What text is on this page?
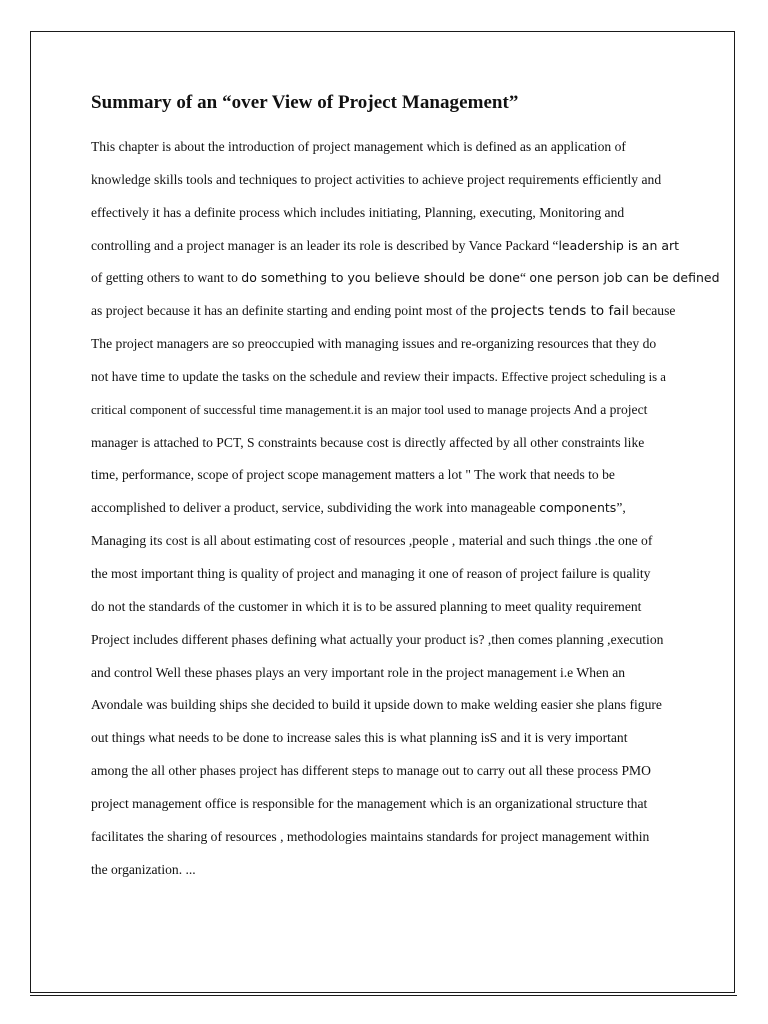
Summary of an “over View of Project Management”
This chapter is about the introduction of project management which is defined as an application of
knowledge skills tools and techniques to project activities to achieve project requirements efficiently and
effectively it has a definite process which includes initiating, Planning, executing, Monitoring and
controlling and a project manager is an leader its role is described by Vance Packard “leadership is an art
of getting others to want to do something to you believe should be done“ one person job can be defined
as project because it has an definite starting and ending point most of the projects tends to fail because
The project managers are so preoccupied with managing issues and re-organizing resources that they do
not have time to update the tasks on the schedule and review their impacts. Effective project scheduling is a
critical component of successful time management.it is an major tool used to manage projects And a project
manager is attached to PCT, S constraints because cost is directly affected by all other constraints like
time, performance, scope of project scope management matters a lot " The work that needs to be
accomplished to deliver a product, service, subdividing the work into manageable components”,
Managing its cost is all about estimating cost of resources ,people , material and such things .the one of
the most important thing is quality of project and managing it one of reason of project failure is quality
do not the standards of the customer in which it is to be assured planning to meet quality requirement
Project includes different phases defining what actually your product is? ,then comes planning ,execution
and control Well these phases plays an very important role in the project management i.e When an
Avondale was building ships she decided to build it upside down to make welding easier she plans figure
out things what needs to be done to increase sales this is what planning isS and it is very important
among the all other phases project has different steps to manage out to carry out all these process PMO
project management office is responsible for the management which is an organizational structure that
facilitates the sharing of resources , methodologies maintains standards for project management within
the organization. ...
